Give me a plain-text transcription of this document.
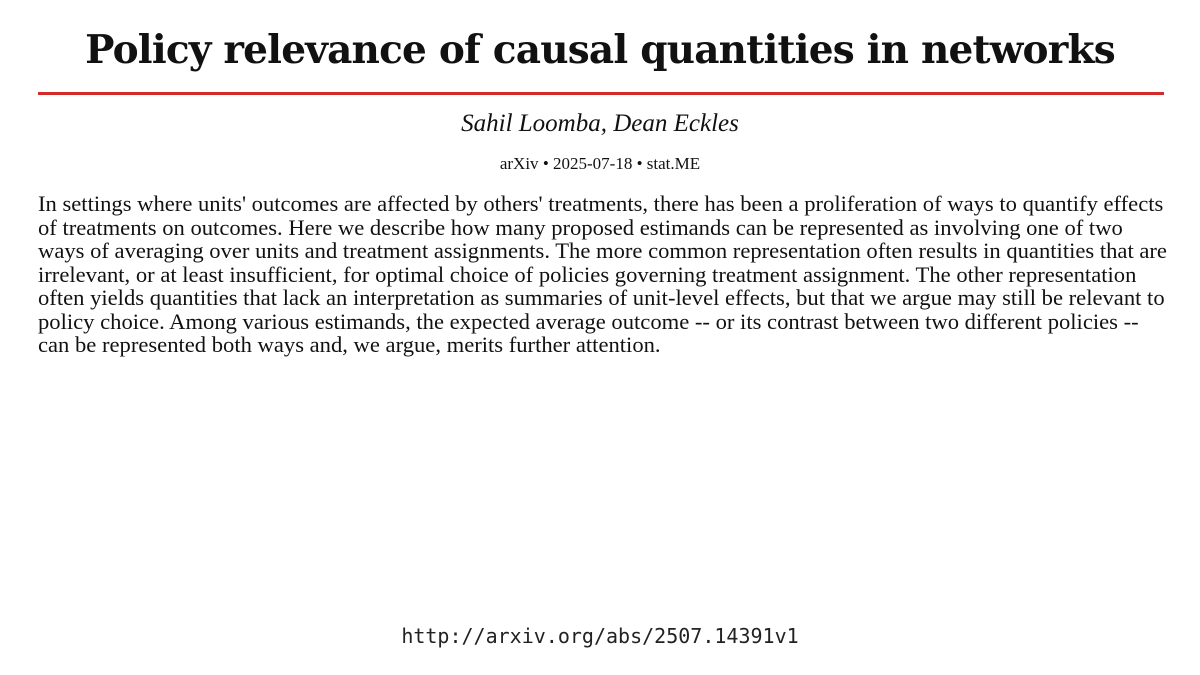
Policy relevance of causal quantities in networks
Sahil Loomba, Dean Eckles
arXiv • 2025-07-18 • stat.ME

In settings where units' outcomes are affected by others' treatments, there has been a proliferation of ways to quantify effects of treatments on outcomes. Here we describe how many proposed estimands can be represented as involving one of two ways of averaging over units and treatment assignments. The more common representation often results in quantities that are irrelevant, or at least insufficient, for optimal choice of policies governing treatment assignment. The other representation often yields quantities that lack an interpretation as summaries of unit-level effects, but that we argue may still be relevant to policy choice. Among various estimands, the expected average outcome -- or its contrast between two different policies -- can be represented both ways and, we argue, merits further attention.

http://arxiv.org/abs/2507.14391v1
